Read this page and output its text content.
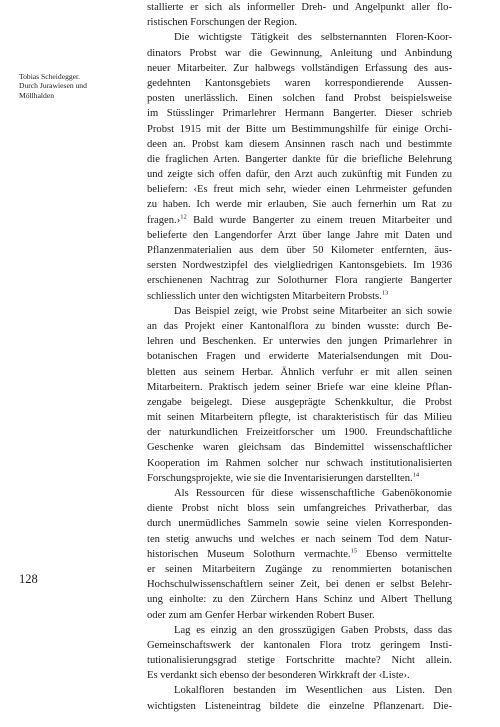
Tobias Scheidegger.
Durch Jurawiesen und
Möllhalden
128
stallierte er sich als informeller Dreh- und Angelpunkt aller flo-
ristischen Forschungen der Region.
Die wichtigste Tätigkeit des selbsternannten Floren-Koor-
dinators Probst war die Gewinnung, Anleitung und Anbindung
neuer Mitarbeiter. Zur halbwegs vollständigen Erfassung des aus-
gedehnten Kantonsgebiets waren korrespondierende Aussen-
posten unerlässlich. Einen solchen fand Probst beispielsweise
im Stüsslinger Primarlehrer Hermann Bangerter. Dieser schrieb
Probst 1915 mit der Bitte um Bestimmungshilfe für einige Orchi-
deen an. Probst kam diesem Ansinnen rasch nach und bestimmte
die fraglichen Arten. Bangerter dankte für die briefliche Belehrung
und zeigte sich offen dafür, den Arzt auch zukünftig mit Funden zu
beliefern: ‹Es freut mich sehr, wieder einen Lehrmeister gefunden
zu haben. Ich werde mir erlauben, Sie auch fernerhin um Rat zu
fragen.›$^{12}$ Bald wurde Bangerter zu einem treuen Mitarbeiter und
belieferte den Langendorfer Arzt über lange Jahre mit Daten und
Pflanzenmaterialien aus dem über 50 Kilometer entfernten, äus-
sersten Nordwestzipfel des vielgliedrigen Kantonsgebiets. Im 1936
erschienenen Nachtrag zur Solothurner Flora rangierte Bangerter
schliesslich unter den wichtigsten Mitarbeitern Probsts.$^{13}$
Das Beispiel zeigt, wie Probst seine Mitarbeiter an sich sowie
an das Projekt einer Kantonalflora zu binden wusste: durch Be-
lehren und Beschenken. Er unterwies den jungen Primarlehrer in
botanischen Fragen und erwiderte Materialsendungen mit Dou-
bletten aus seinem Herbar. Ähnlich verfuhr er mit allen seinen
Mitarbeitern. Praktisch jedem seiner Briefe war eine kleine Pflan-
zengabe beigelegt. Diese ausgeprägte Schenkkultur, die Probst
mit seinen Mitarbeitern pflegte, ist charakteristisch für das Milieu
der naturkundlichen Freizeitforscher um 1900. Freundschaftliche
Geschenke waren gleichsam das Bindemittel wissenschaftlicher
Kooperation im Rahmen solcher nur schwach institutionalisierten
Forschungsprojekte, wie sie die Inventarisierungen darstellten.$^{14}$
Als Ressourcen für diese wissenschaftliche Gabenökonomie
diente Probst nicht bloss sein umfangreiches Privatherbar, das
durch unermüdliches Sammeln sowie seine vielen Korresponden-
ten stetig anwuchs und welches er nach seinem Tod dem Natur-
historischen Museum Solothurn vermachte.$^{15}$ Ebenso vermittelte
er seinen Mitarbeitern Zugänge zu renommierten botanischen
Hochschulwissenschaftlern seiner Zeit, bei denen er selbst Belehr-
ung einholte: zu den Zürchern Hans Schinz und Albert Thellung
oder zum am Genfer Herbar wirkenden Robert Buser.
Lag es einzig an den grosszügigen Gaben Probsts, dass das
Gemeinschaftswerk der kantonalen Flora trotz geringem Insti-
tutionalisierungsgrad stetige Fortschritte machte? Nicht allein.
Es verdankt sich ebenso der besonderen Wirkkraft der ‹Liste›.
Lokalfloren bestanden im Wesentlichen aus Listen. Den
wichtigsten Listeneintrag bildete die einzelne Pflanzenart. Die-
